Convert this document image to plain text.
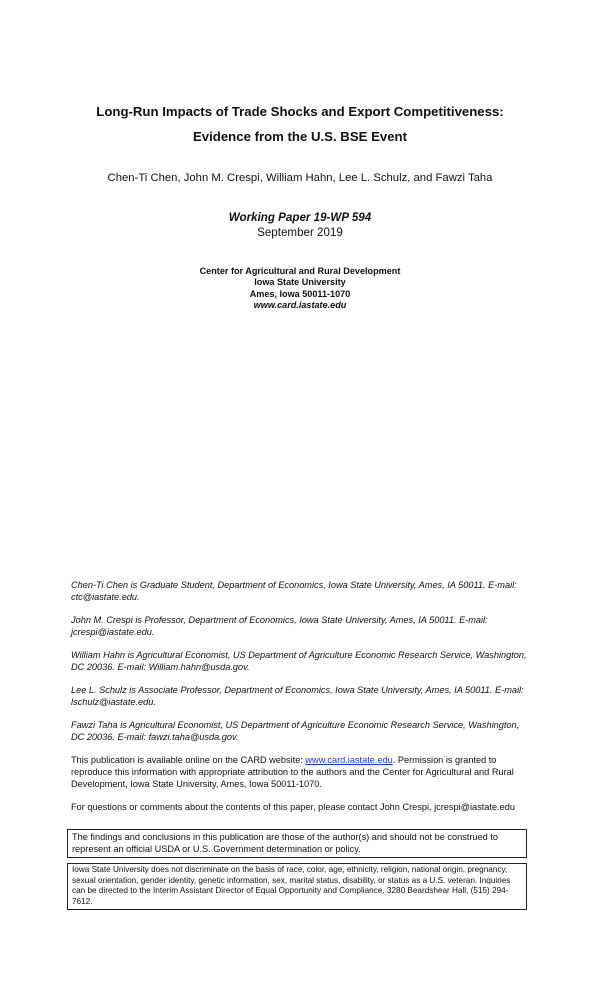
Long-Run Impacts of Trade Shocks and Export Competitiveness:
Evidence from the U.S. BSE Event
Chen-Ti Chen, John M. Crespi, William Hahn, Lee L. Schulz, and Fawzi Taha
Working Paper 19-WP 594
September 2019
Center for Agricultural and Rural Development
Iowa State University
Ames, Iowa 50011-1070
www.card.iastate.edu

Chen-Ti Chen is Graduate Student, Department of Economics, Iowa State University, Ames, IA 50011. E-mail: ctc@iastate.edu.

John M. Crespi is Professor, Department of Economics, Iowa State University, Ames, IA 50011. E-mail: jcrespi@iastate.edu.

William Hahn is Agricultural Economist, US Department of Agriculture Economic Research Service, Washington, DC 20036. E-mail: William.hahn@usda.gov.

Lee L. Schulz is Associate Professor, Department of Economics, Iowa State University, Ames, IA 50011. E-mail: lschulz@iastate.edu.

Fawzi Taha is Agricultural Economist, US Department of Agriculture Economic Research Service, Washington, DC 20036. E-mail: fawzi.taha@usda.gov.

This publication is available online on the CARD website: www.card.iastate.edu. Permission is granted to reproduce this information with appropriate attribution to the authors and the Center for Agricultural and Rural Development, Iowa State University, Ames, Iowa 50011-1070.

For questions or comments about the contents of this paper, please contact John Crespi, jcrespi@iastate.edu

The findings and conclusions in this publication are those of the author(s) and should not be construed to represent an official USDA or U.S. Government determination or policy.
Iowa State University does not discriminate on the basis of race, color, age, ethnicity, religion, national origin, pregnancy, sexual orientation, gender identity, genetic information, sex, marital status, disability, or status as a U.S. veteran. Inquiries can be directed to the Interim Assistant Director of Equal Opportunity and Compliance, 3280 Beardshear Hall, (515) 294-7612.
